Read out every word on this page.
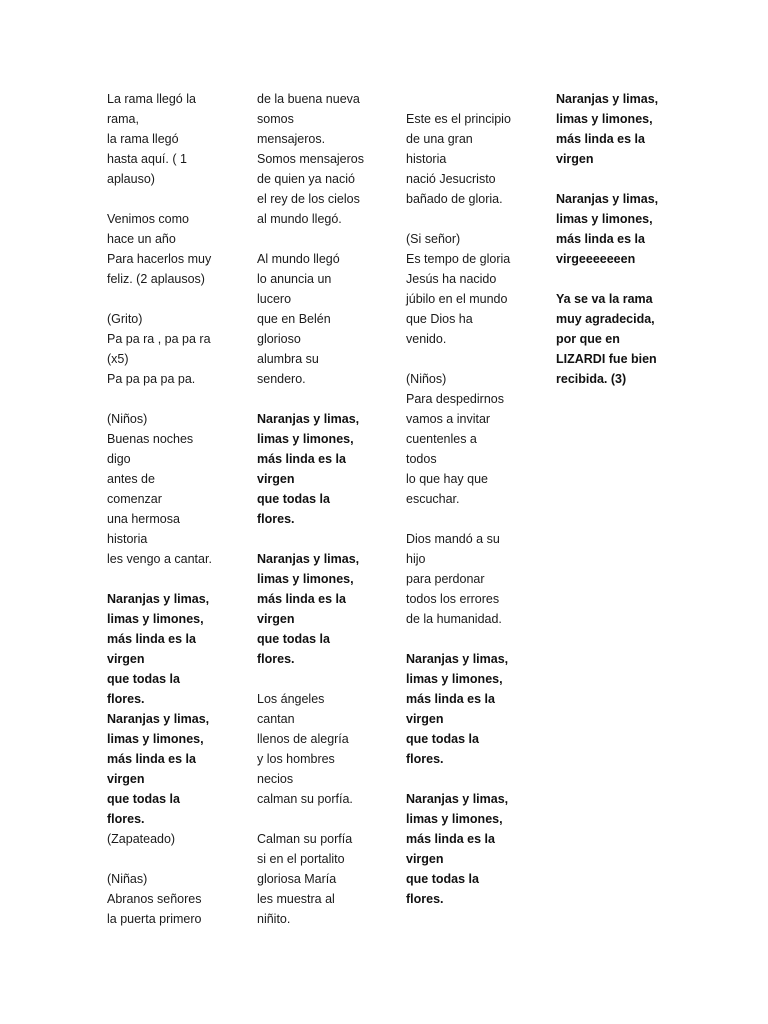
La rama llegó la
rama,
la rama llegó
hasta aquí. ( 1
aplauso)
Venimos como
hace un año
Para hacerlos muy
feliz. (2 aplausos)
(Grito)
Pa pa ra , pa pa ra
(x5)
Pa pa pa pa pa.
(Niños)
Buenas noches
digo
antes de
comenzar
una hermosa
historia
les vengo a cantar.
Naranjas y limas,
limas y limones,
más linda es la
virgen
que todas la
flores.
Naranjas y limas,
limas y limones,
más linda es la
virgen
que todas la
flores.
(Zapateado)
(Niñas)
Abranos señores
la puerta primero
de la buena nueva
somos
mensajeros.
Somos mensajeros
de quien ya nació
el rey de los cielos
al mundo llegó.
Al mundo llegó
lo anuncia un
lucero
que en Belén
glorioso
alumbra su
sendero.
Naranjas y limas,
limas y limones,
más linda es la
virgen
que todas la
flores.
Naranjas y limas,
limas y limones,
más linda es la
virgen
que todas la
flores.
Los ángeles
cantan
llenos de alegría
y los hombres
necios
calman su porfía.
Calman su porfía
si en el portalito
gloriosa María
les muestra al
niñito.
Este es el principio
de una gran
historia
nació Jesucristo
bañado de gloria.
(Si señor)
Es tempo de gloria
Jesús ha nacido
júbilo en el mundo
que Dios ha
venido.
(Niños)
Para despedirnos
vamos a invitar
cuentenles a
todos
lo que hay que
escuchar.
Dios mandó a su
hijo
para perdonar
todos los errores
de la humanidad.
Naranjas y limas,
limas y limones,
más linda es la
virgen
que todas la
flores.
Naranjas y limas,
limas y limones,
más linda es la
virgen
que todas la
flores.
Naranjas y limas,
limas y limones,
más linda es la
virgen
Naranjas y limas,
limas y limones,
más linda es la
virgeeeeeeen
Ya se va la rama
muy agradecida,
por que en
LIZARDI fue bien
recibida. (3)
